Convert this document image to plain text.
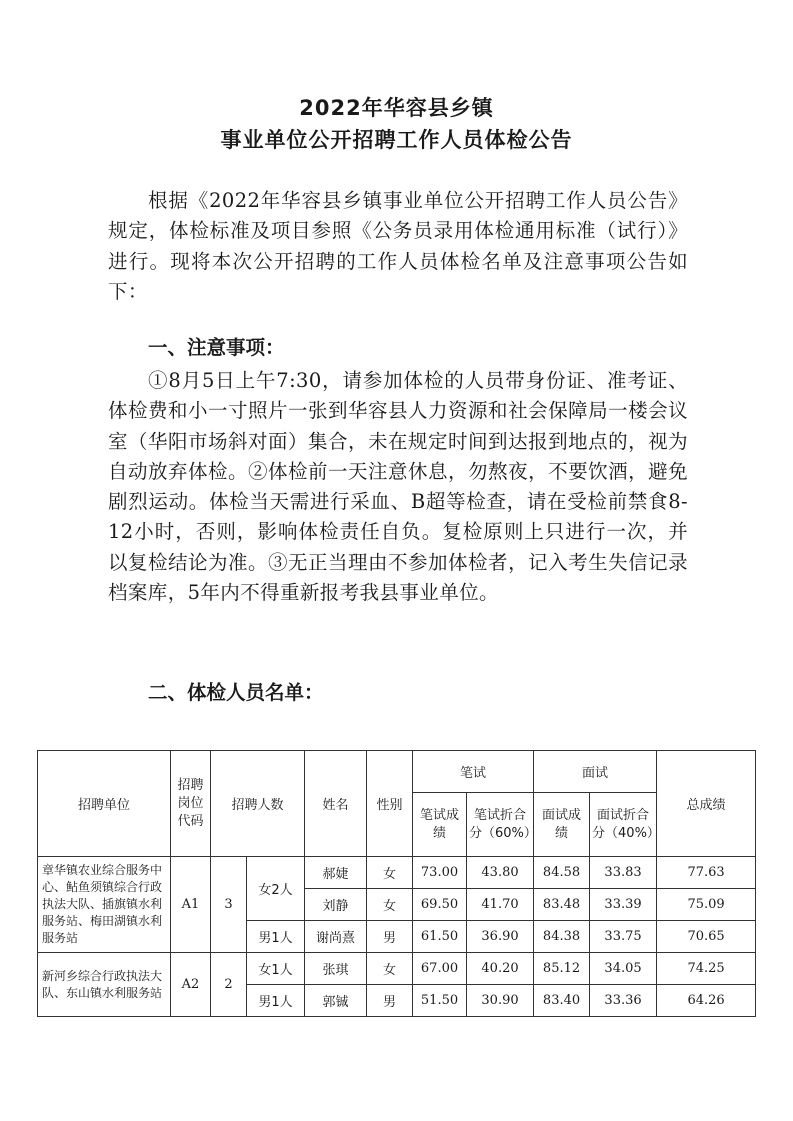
2022年华容县乡镇
事业单位公开招聘工作人员体检公告

根据《2022年华容县乡镇事业单位公开招聘工作人员公告》规定，体检标准及项目参照《公务员录用体检通用标准（试行）》进行。现将本次公开招聘的工作人员体检名单及注意事项公告如下：

一、注意事项：

①8月5日上午7:30，请参加体检的人员带身份证、准考证、体检费和小一寸照片一张到华容县人力资源和社会保障局一楼会议室（华阳市场斜对面）集合，未在规定时间到达报到地点的，视为自动放弃体检。②体检前一天注意休息，勿熬夜，不要饮酒，避免剧烈运动。体检当天需进行采血、B超等检查，请在受检前禁食8-12小时，否则，影响体检责任自负。复检原则上只进行一次，并以复检结论为准。③无正当理由不参加体检者，记入考生失信记录档案库，5年内不得重新报考我县事业单位。

二、体检人员名单：
招聘单位	招聘岗位代码	招聘人数		姓名	性别	笔试		面试		总成绩
						笔试成绩	笔试折合分（60%）	面试成绩	面试折合分（40%）	
章华镇农业综合服务中心、鲇鱼须镇综合行政执法大队、插旗镇水利服务站、梅田湖镇水利服务站	A1	3	女2人	郝婕	女	73.00	43.80	84.58	33.83	77.63
				刘静	女	69.50	41.70	83.48	33.39	75.09
			男1人	谢尚熹	男	61.50	36.90	84.38	33.75	70.65
新河乡综合行政执法大队、东山镇水利服务站	A2	2	女1人	张琪	女	67.00	40.20	85.12	34.05	74.25
			男1人	郭铖	男	51.50	30.90	83.40	33.36	64.26
